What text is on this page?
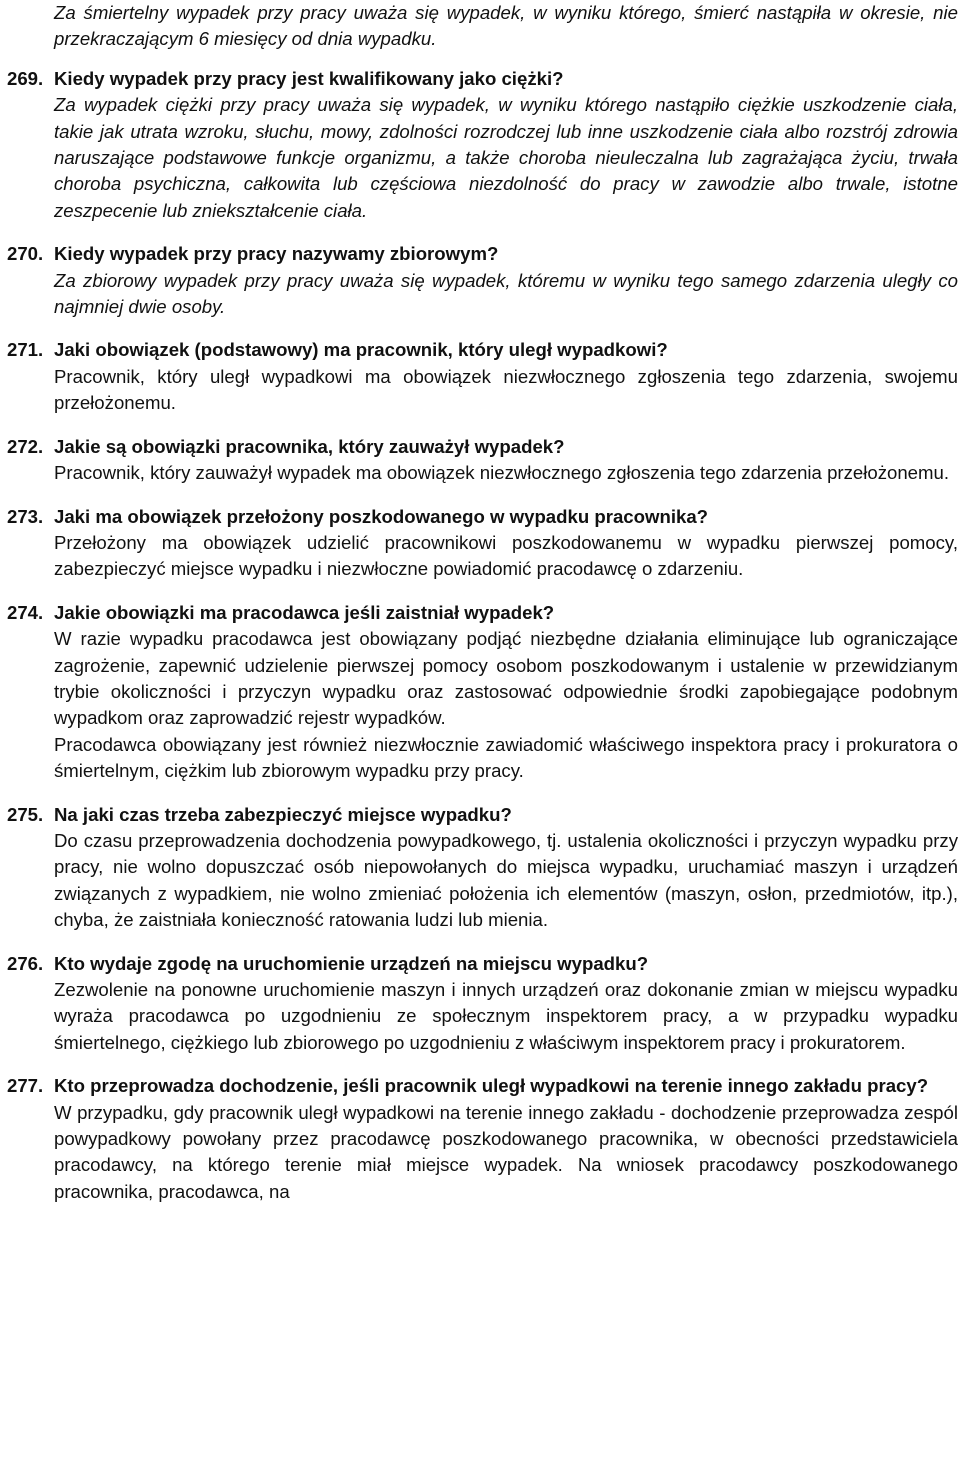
Za śmiertelny wypadek przy pracy uważa się wypadek, w wyniku którego, śmierć nastąpiła w okresie, nie przekraczającym 6 miesięcy od dnia wypadku.
269. Kiedy wypadek przy pracy jest kwalifikowany jako ciężki?
Za wypadek ciężki przy pracy uważa się wypadek, w wyniku którego nastąpiło ciężkie uszkodzenie ciała, takie jak utrata wzroku, słuchu, mowy, zdolności rozrodczej lub inne uszkodzenie ciała albo rozstrój zdrowia naruszające podstawowe funkcje organizmu, a także choroba nieuleczalna lub zagrażająca życiu, trwała choroba psychiczna, całkowita lub częściowa niezdolność do pracy w zawodzie albo trwale, istotne zeszpecenie lub zniekształcenie ciała.
270. Kiedy wypadek przy pracy nazywamy zbiorowym?
Za zbiorowy wypadek przy pracy uważa się wypadek, któremu w wyniku tego samego zdarzenia uległy co najmniej dwie osoby.
271. Jaki obowiązek (podstawowy) ma pracownik, który uległ wypadkowi?
Pracownik, który uległ wypadkowi ma obowiązek niezwłocznego zgłoszenia tego zdarzenia, swojemu przełożonemu.
272. Jakie są obowiązki pracownika, który zauważył wypadek?
Pracownik, który zauważył wypadek ma obowiązek niezwłocznego zgłoszenia tego zdarzenia przełożonemu.
273. Jaki ma obowiązek przełożony poszkodowanego w wypadku pracownika?
Przełożony ma obowiązek udzielić pracownikowi poszkodowanemu w wypadku pierwszej pomocy, zabezpieczyć miejsce wypadku i niezwłoczne powiadomić pracodawcę o zdarzeniu.
274. Jakie obowiązki ma pracodawca jeśli zaistniał wypadek?
W razie wypadku pracodawca jest obowiązany podjąć niezbędne działania eliminujące lub ograniczające zagrożenie, zapewnić udzielenie pierwszej pomocy osobom poszkodowanym i ustalenie w przewidzianym trybie okoliczności i przyczyn wypadku oraz zastosować odpowiednie środki zapobiegające podobnym wypadkom oraz zaprowadzić rejestr wypadków.
Pracodawca obowiązany jest również niezwłocznie zawiadomić właściwego inspektora pracy i prokuratora o śmiertelnym, ciężkim lub zbiorowym wypadku przy pracy.
275. Na jaki czas trzeba zabezpieczyć miejsce wypadku?
Do czasu przeprowadzenia dochodzenia powypadkowego, tj. ustalenia okoliczności i przyczyn wypadku przy pracy, nie wolno dopuszczać osób niepowołanych do miejsca wypadku, uruchamiać maszyn i urządzeń związanych z wypadkiem, nie wolno zmieniać położenia ich elementów (maszyn, osłon, przedmiotów, itp.), chyba, że zaistniała konieczność ratowania ludzi lub mienia.
276. Kto wydaje zgodę na uruchomienie urządzeń na miejscu wypadku?
Zezwolenie na ponowne uruchomienie maszyn i innych urządzeń oraz dokonanie zmian w miejscu wypadku wyraża pracodawca po uzgodnieniu ze społecznym inspektorem pracy, a w przypadku wypadku śmiertelnego, ciężkiego lub zbiorowego po uzgodnieniu z właściwym inspektorem pracy i prokuratorem.
277. Kto przeprowadza dochodzenie, jeśli pracownik uległ wypadkowi na terenie innego zakładu pracy?
W przypadku, gdy pracownik uległ wypadkowi na terenie innego zakładu - dochodzenie przeprowadza zespól powypadkowy powołany przez pracodawcę poszkodowanego pracownika, w obecności przedstawiciela pracodawcy, na którego terenie miał miejsce wypadek. Na wniosek pracodawcy poszkodowanego pracownika, pracodawca, na
